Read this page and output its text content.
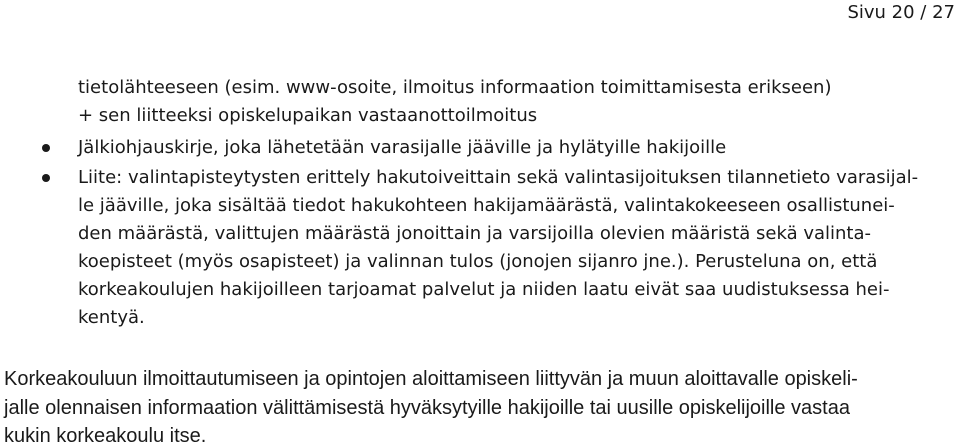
Sivu 20 / 27
tietolähteeseen (esim. www-osoite, ilmoitus informaation toimittamisesta erikseen)
+ sen liitteeksi opiskelupaikan vastaanottoilmoitus
Jälkiohjauskirje, joka lähetetään varasijalle jääville ja hylätyille hakijoille
Liite: valintapisteytysten erittely hakutoiveittain sekä valintasijoituksen tilannetieto varasijal-
le jääville, joka sisältää tiedot hakukohteen hakijamäärästä, valintakokeeseen osallistunei-
den määrästä, valittujen määrästä jonoittain ja varsijoilla olevien määristä sekä valinta-
koepisteet (myös osapisteet) ja valinnan tulos (jonojen sijanro jne.). Perusteluna on, että
korkeakoulujen hakijoilleen tarjoamat palvelut ja niiden laatu eivät saa uudistuksessa hei-
kentyä.
Korkeakouluun ilmoittautumiseen ja opintojen aloittamiseen liittyvän ja muun aloittavalle opiskeli-
jalle olennaisen informaation välittämisestä hyväksytyille hakijoille tai uusille opiskelijoille vastaa
kukin korkeakoulu itse.
